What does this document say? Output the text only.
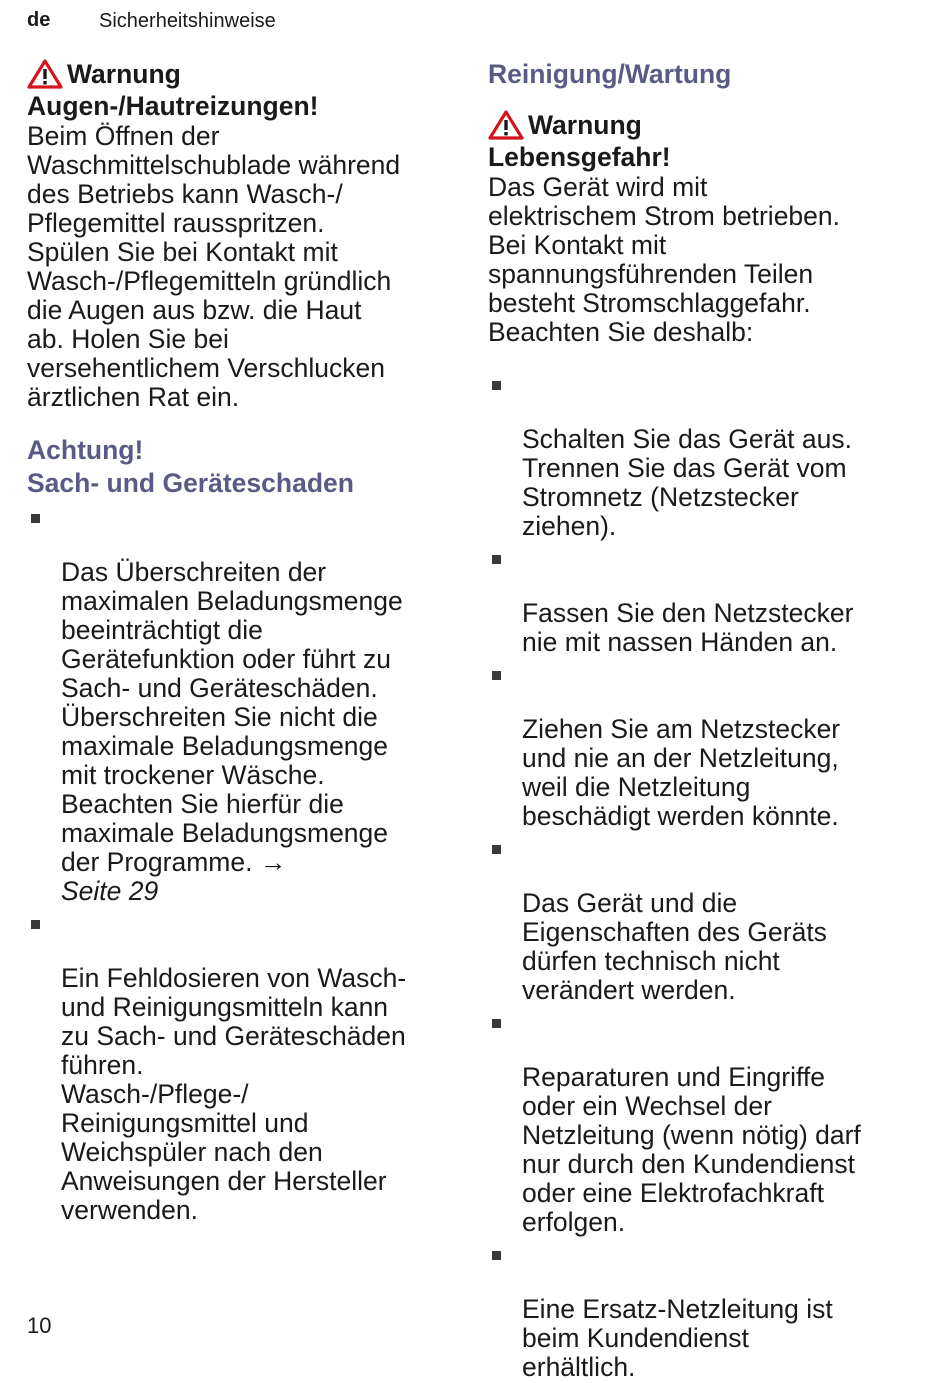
de Sicherheitshinweise
Warnung
Augen-/Hautreizungen!
Beim Öffnen der
Waschmittelschublade während
des Betriebs kann Wasch-/
Pflegemittel rausspritzen.
Spülen Sie bei Kontakt mit
Wasch-/Pflegemitteln gründlich
die Augen aus bzw. die Haut
ab. Holen Sie bei
versehentlichem Verschlucken
ärztlichen Rat ein.
Achtung!
Sach- und Geräteschaden

Das Überschreiten der
maximalen Beladungsmenge
beeinträchtigt die
Gerätefunktion oder führt zu
Sach- und Geräteschäden.
Überschreiten Sie nicht die
maximale Beladungsmenge
mit trockener Wäsche.
Beachten Sie hierfür die
maximale Beladungsmenge
der Programme. →
Seite 29

Ein Fehldosieren von Wasch-
und Reinigungsmitteln kann
zu Sach- und Geräteschäden
führen.
Wasch-/Pflege-/
Reinigungsmittel und
Weichspüler nach den
Anweisungen der Hersteller
verwenden.

Reinigung/Wartung
Warnung
Lebensgefahr!
Das Gerät wird mit
elektrischem Strom betrieben.
Bei Kontakt mit
spannungsführenden Teilen
besteht Stromschlaggefahr.
Beachten Sie deshalb:

Schalten Sie das Gerät aus.
Trennen Sie das Gerät vom
Stromnetz (Netzstecker
ziehen).

Fassen Sie den Netzstecker
nie mit nassen Händen an.

Ziehen Sie am Netzstecker
und nie an der Netzleitung,
weil die Netzleitung
beschädigt werden könnte.

Das Gerät und die
Eigenschaften des Geräts
dürfen technisch nicht
verändert werden.

Reparaturen und Eingriffe
oder ein Wechsel der
Netzleitung (wenn nötig) darf
nur durch den Kundendienst
oder eine Elektrofachkraft
erfolgen.

Eine Ersatz-Netzleitung ist
beim Kundendienst
erhältlich.

10
